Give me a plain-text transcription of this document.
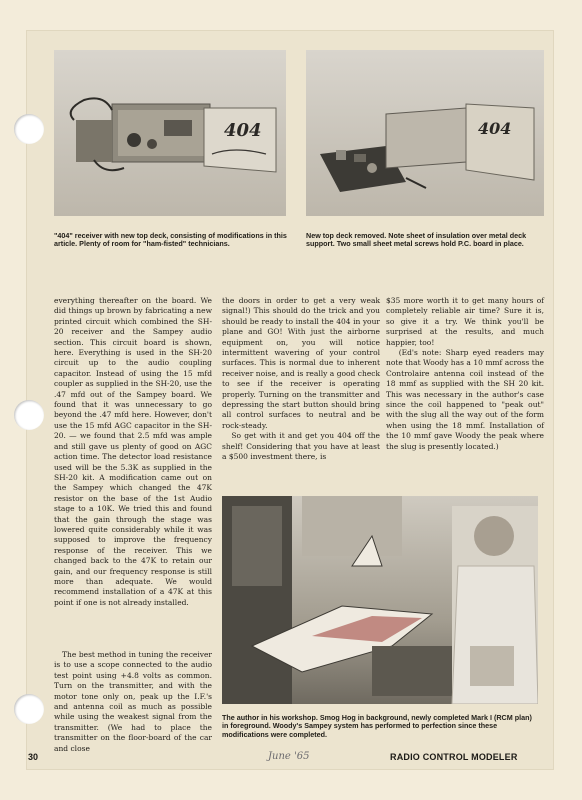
404	404
"404" receiver with new top deck, consisting of modifications in this article. Plenty of room for "ham-fisted" technicians.
New top deck removed. Note sheet of insulation over metal deck support. Two small sheet metal screws hold P.C. board in place.
everything thereafter on the board. We did things up brown by fabricating a new printed circuit which combined the SH-20 receiver and the Sampey audio section. This circuit board is shown, here. Everything is used in the SH-20 circuit up to the audio coupling capacitor. Instead of using the 15 mfd coupler as supplied in the SH-20, use the .47 mfd out of the Sampey board. We found that it was unnecessary to go beyond the .47 mfd here. However, don't use the 15 mfd AGC capacitor in the SH-20. — we found that 2.5 mfd was ample and still gave us plenty of good on AGC action time. The detector load resistance used will be the 5.3K as supplied in the SH-20 kit. A modification came out on the Sampey which changed the 47K resistor on the base of the 1st Audio stage to a 10K. We tried this and found that the gain through the stage was lowered quite considerably while it was supposed to improve the frequency response of the receiver. This we changed back to the 47K to retain our gain, and our frequency response is still more than adequate. We would recommend installation of a 47K at this point if one is not already installed.
The best method in tuning the receiver is to use a scope connected to the audio test point using +4.8 volts as common. Turn on the transmitter, and with the motor tone only on, peak up the I.F.'s and antenna coil as much as possible while using the weakest signal from the transmitter. (We had to place the transmitter on the floor-board of the car and close
the doors in order to get a very weak signal!) This should do the trick and you should be ready to install the 404 in your plane and GO! With just the airborne equipment on, you will notice intermittent wavering of your control surfaces. This is normal due to inherent receiver noise, and is really a good check to see if the receiver is operating properly. Turning on the transmitter and depressing the start button should bring all control surfaces to neutral and be rock-steady.
So get with it and get you 404 off the shelf! Considering that you have at least a $500 investment there, is
$35 more worth it to get many hours of completely reliable air time? Sure it is, so give it a try. We think you'll be surprised at the results, and much happier, too!
(Ed's note: Sharp eyed readers may note that Woody has a 10 mmf across the Controlaire antenna coil instead of the 18 mmf as supplied with the SH 20 kit. This was necessary in the author's case since the coil happened to "peak out" with the slug all the way out of the form when using the 18 mmf. Installation of the 10 mmf gave Woody the peak where the slug is presently located.)
The author in his workshop. Smog Hog in background, newly completed Mark I (RCM plan) in foreground. Woody's Sampey system has performed to perfection since these modifications were completed.
30	June '65	RADIO CONTROL MODELER
